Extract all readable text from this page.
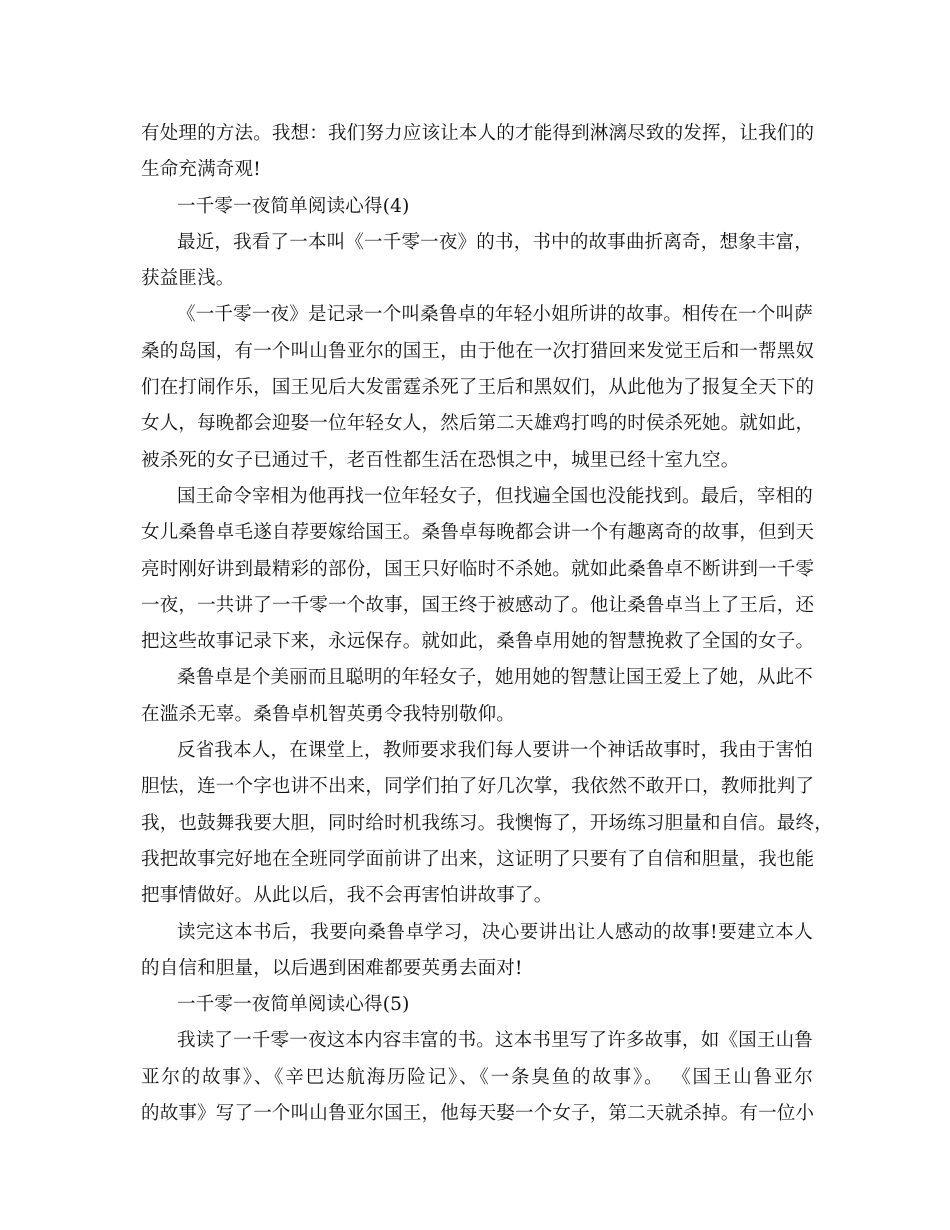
有处理的方法。我想：我们努力应该让本人的才能得到淋漓尽致的发挥，让我们的
生命充满奇观!
一千零一夜简单阅读心得(4)
最近，我看了一本叫《一千零一夜》的书，书中的故事曲折离奇，想象丰富，
获益匪浅。
《一千零一夜》是记录一个叫桑鲁卓的年轻小姐所讲的故事。相传在一个叫萨
桑的岛国，有一个叫山鲁亚尔的国王，由于他在一次打猎回来发觉王后和一帮黑奴
们在打闹作乐，国王见后大发雷霆杀死了王后和黑奴们，从此他为了报复全天下的
女人，每晚都会迎娶一位年轻女人，然后第二天雄鸡打鸣的时侯杀死她。就如此，
被杀死的女子已通过千，老百性都生活在恐惧之中，城里已经十室九空。
国王命令宰相为他再找一位年轻女子，但找遍全国也没能找到。最后，宰相的
女儿桑鲁卓毛遂自荐要嫁给国王。桑鲁卓每晚都会讲一个有趣离奇的故事，但到天
亮时刚好讲到最精彩的部份，国王只好临时不杀她。就如此桑鲁卓不断讲到一千零
一夜，一共讲了一千零一个故事，国王终于被感动了。他让桑鲁卓当上了王后，还
把这些故事记录下来，永远保存。就如此，桑鲁卓用她的智慧挽救了全国的女子。
桑鲁卓是个美丽而且聪明的年轻女子，她用她的智慧让国王爱上了她，从此不
在滥杀无辜。桑鲁卓机智英勇令我特别敬仰。
反省我本人，在课堂上，教师要求我们每人要讲一个神话故事时，我由于害怕
胆怯，连一个字也讲不出来，同学们拍了好几次掌，我依然不敢开口，教师批判了
我，也鼓舞我要大胆，同时给时机我练习。我懊悔了，开场练习胆量和自信。最终，
我把故事完好地在全班同学面前讲了出来，这证明了只要有了自信和胆量，我也能
把事情做好。从此以后，我不会再害怕讲故事了。
读完这本书后，我要向桑鲁卓学习，决心要讲出让人感动的故事!要建立本人
的自信和胆量，以后遇到困难都要英勇去面对!
一千零一夜简单阅读心得(5)
我读了一千零一夜这本内容丰富的书。这本书里写了许多故事，如《国王山鲁
亚尔的故事》、《辛巴达航海历险记》、《一条臭鱼的故事》。 《国王山鲁亚尔
的故事》写了一个叫山鲁亚尔国王，他每天娶一个女子，第二天就杀掉。有一位小
